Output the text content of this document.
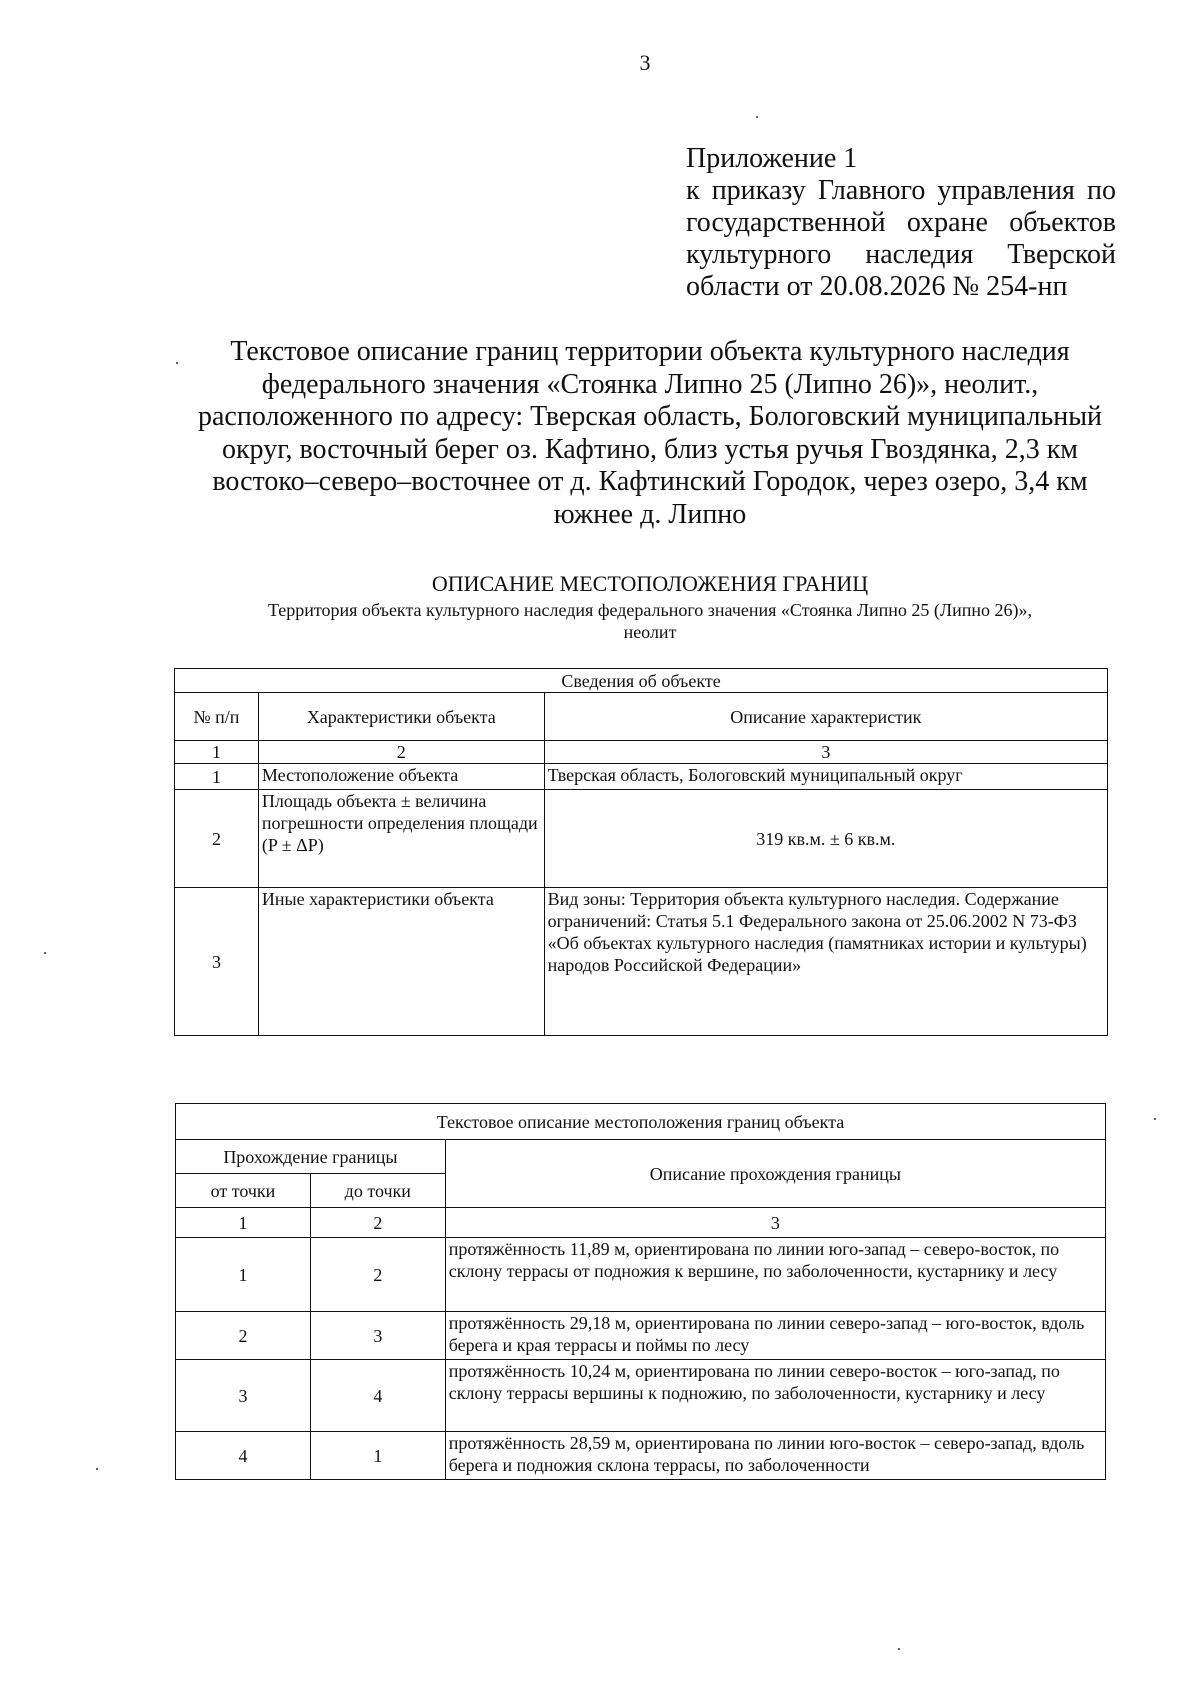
3
Приложение 1
к приказу Главного управления по
государственной охране объектов
культурного наследия Тверской
области от 20.08.2026 № 254-нп
Текстовое описание границ территории объекта культурного наследия
федерального значения «Стоянка Липно 25 (Липно 26)», неолит.,
расположенного по адресу: Тверская область, Бологовский муниципальный
округ, восточный берег оз. Кафтино, близ устья ручья Гвоздянка, 2,3 км
востоко–северо–восточнее от д. Кафтинский Городок, через озеро, 3,4 км
южнее д. Липно
ОПИСАНИЕ МЕСТОПОЛОЖЕНИЯ ГРАНИЦ
Территория объекта культурного наследия федерального значения «Стоянка Липно 25 (Липно 26)»,
неолит
Сведения об объекте		
№ п/п	Характеристики объекта	Описание характеристик
1	2	3
1	Местоположение объекта	Тверская область, Бологовский муниципальный округ
2	Площадь объекта ± величина погрешности определения площади (P ± ΔP)	319 кв.м. ± 6 кв.м.
3	Иные характеристики объекта	Вид зоны: Территория объекта культурного наследия. Содержание ограничений: Статья 5.1 Федерального закона от 25.06.2002 N 73-ФЗ «Об объектах культурного наследия (памятниках истории и культуры) народов Российской Федерации»
Текстовое описание местоположения границ объекта		
Прохождение границы		Описание прохождения границы
от точки	до точки	
1	2	3
1	2	протяжённость 11,89 м, ориентирована по линии юго-запад – северо-восток, по склону террасы от подножия к вершине, по заболоченности, кустарнику и лесу
2	3	протяжённость 29,18 м, ориентирована по линии северо-запад – юго-восток, вдоль берега и края террасы и поймы по лесу
3	4	протяжённость 10,24 м, ориентирована по линии северо-восток – юго-запад, по склону террасы вершины к подножию, по заболоченности, кустарнику и лесу
4	1	протяжённость 28,59 м, ориентирована по линии юго-восток – северо-запад, вдоль берега и подножия склона террасы, по заболоченности
